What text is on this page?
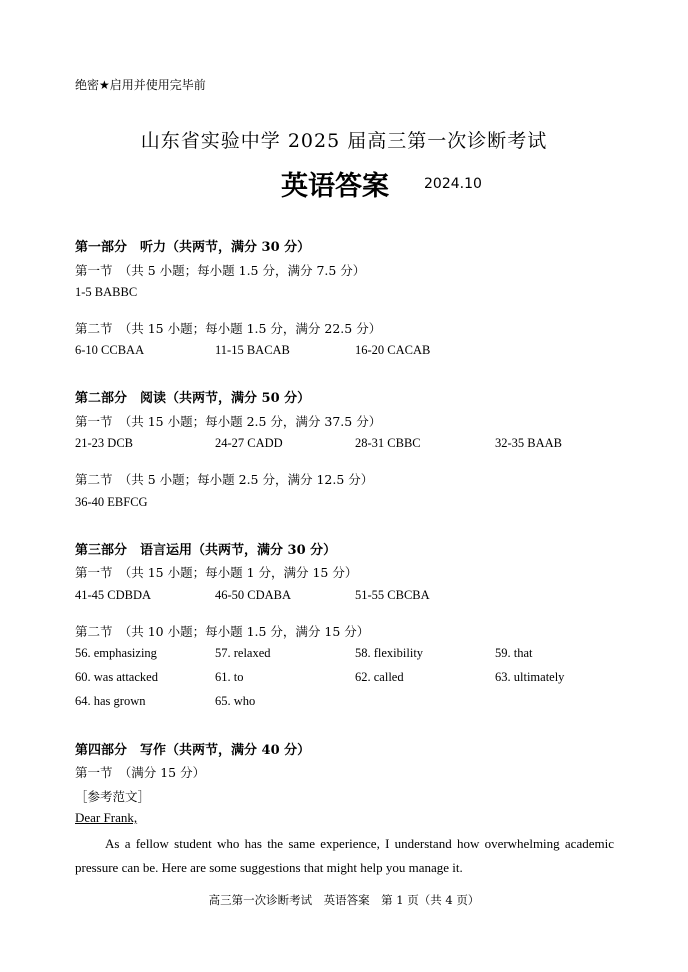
绝密★启用并使用完毕前
山东省实验中学 2025 届高三第一次诊断考试
英语答案	2024.10
第一部分　听力（共两节，满分 30 分）
第一节　（共 5 小题；每小题 1.5 分，满分 7.5 分）
1-5 BABBC
第二节　（共 15 小题；每小题 1.5 分，满分 22.5 分）
6-10 CCBAA	11-15 BACAB	16-20 CACAB
第二部分　阅读（共两节，满分 50 分）
第一节　（共 15 小题；每小题 2.5 分，满分 37.5 分）
21-23 DCB	24-27 CADD	28-31 CBBC	32-35 BAAB
第二节　（共 5 小题；每小题 2.5 分，满分 12.5 分）
36-40 EBFCG
第三部分　语言运用（共两节，满分 30 分）
第一节　（共 15 小题；每小题 1 分，满分 15 分）
41-45 CDBDA	46-50 CDABA	51-55 CBCBA
第二节　（共 10 小题；每小题 1.5 分，满分 15 分）
56. emphasizing	57. relaxed	58. flexibility	59. that
60. was attacked	61. to	62. called	63. ultimately
64. has grown	65. who
第四部分　写作（共两节，满分 40 分）
第一节　（满分 15 分）
［参考范文］
Dear Frank,
As a fellow student who has the same experience, I understand how overwhelming academic pressure can be. Here are some suggestions that might help you manage it.
高三第一次诊断考试　英语答案　第 1 页（共 4 页）
